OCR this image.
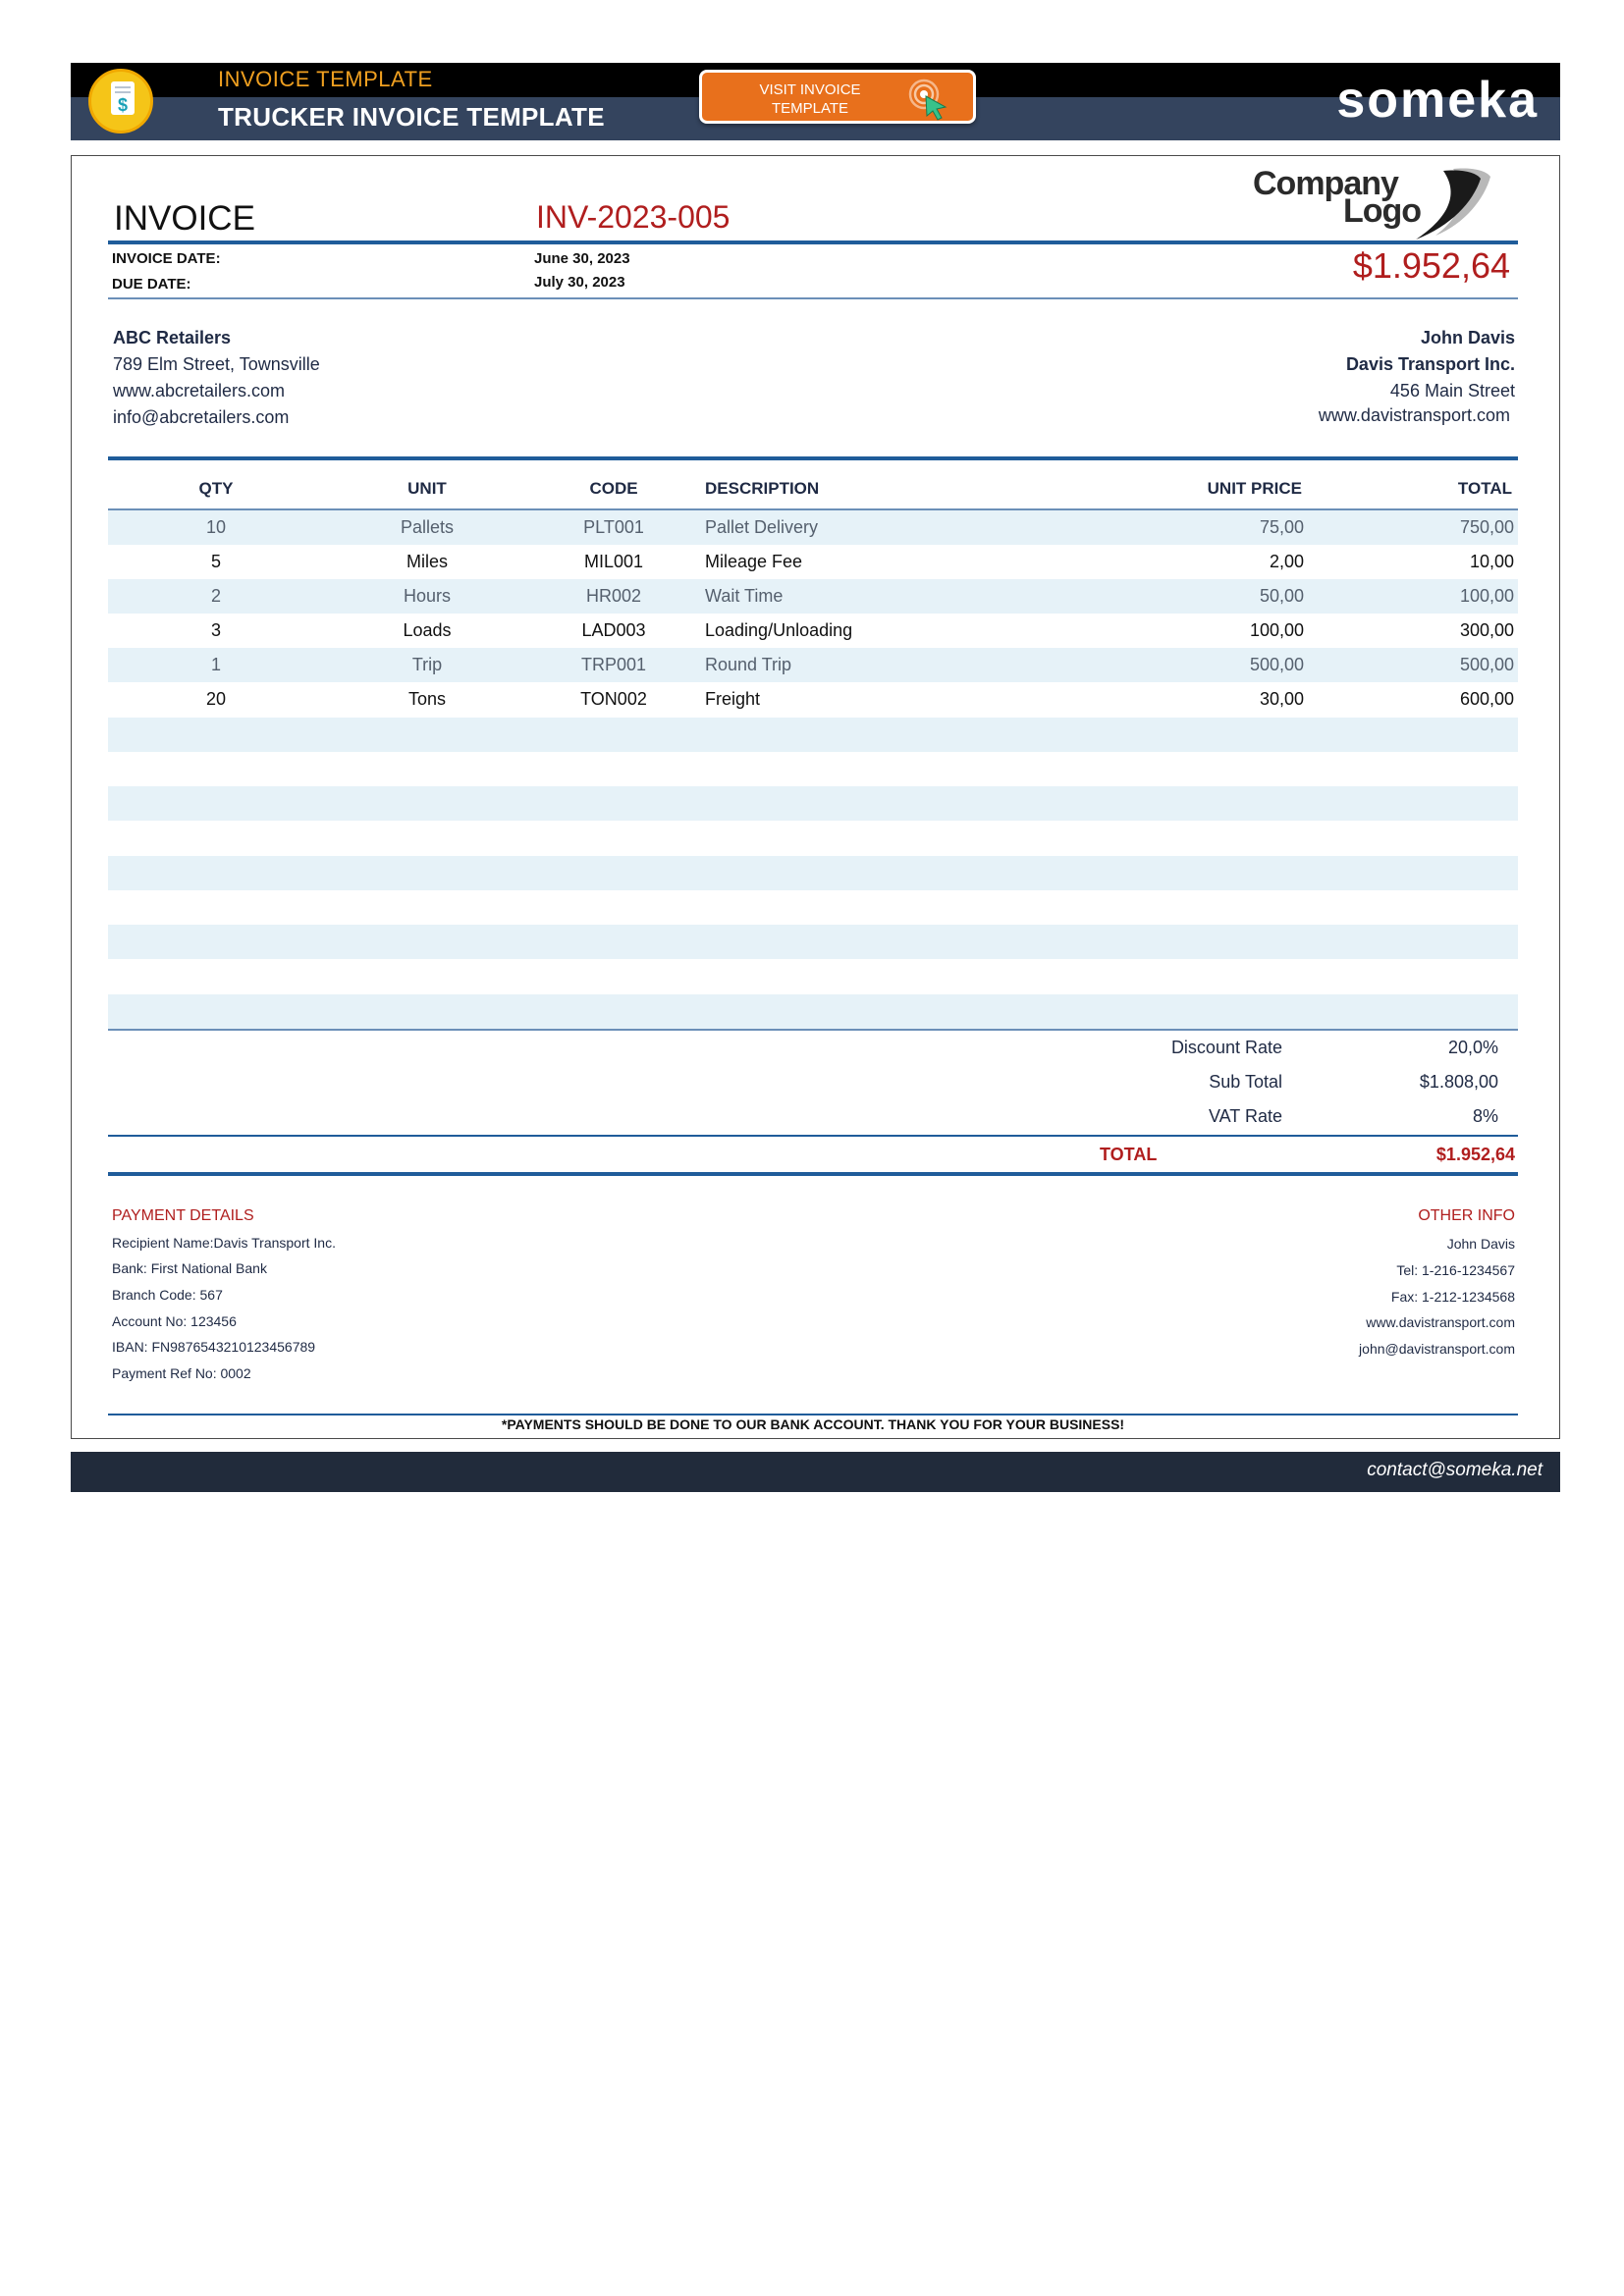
$
INVOICE TEMPLATE
TRUCKER INVOICE TEMPLATE
VISIT INVOICE
TEMPLATE	someka
INVOICE	INV-2023-005
Company
Logo
INVOICE DATE:	June 30, 2023
DUE DATE:	July 30, 2023	$1.952,64
ABC Retailers
789 Elm Street, Townsville
www.abcretailers.com
info@abcretailers.com
John Davis
Davis Transport Inc.
456 Main Street
www.davistransport.com
QTY	UNIT	CODE	DESCRIPTION	UNIT PRICE	TOTAL
10	Pallets	PLT001	Pallet Delivery	75,00	750,00
5	Miles	MIL001	Mileage Fee	2,00	10,00
2	Hours	HR002	Wait Time	50,00	100,00
3	Loads	LAD003	Loading/Unloading	100,00	300,00
1	Trip	TRP001	Round Trip	500,00	500,00
20	Tons	TON002	Freight	30,00	600,00
Discount Rate	20,0%
Sub Total	$1.808,00
VAT Rate	8%
TOTAL	$1.952,64
PAYMENT DETAILS
Recipient Name:Davis Transport Inc.
Bank: First National Bank
Branch Code: 567
Account No: 123456
IBAN: FN9876543210123456789
Payment Ref No: 0002
OTHER INFO
John Davis
Tel: 1-216-1234567
Fax: 1-212-1234568
www.davistransport.com
john@davistransport.com
*PAYMENTS SHOULD BE DONE TO OUR BANK ACCOUNT. THANK YOU FOR YOUR BUSINESS!
contact@someka.net
